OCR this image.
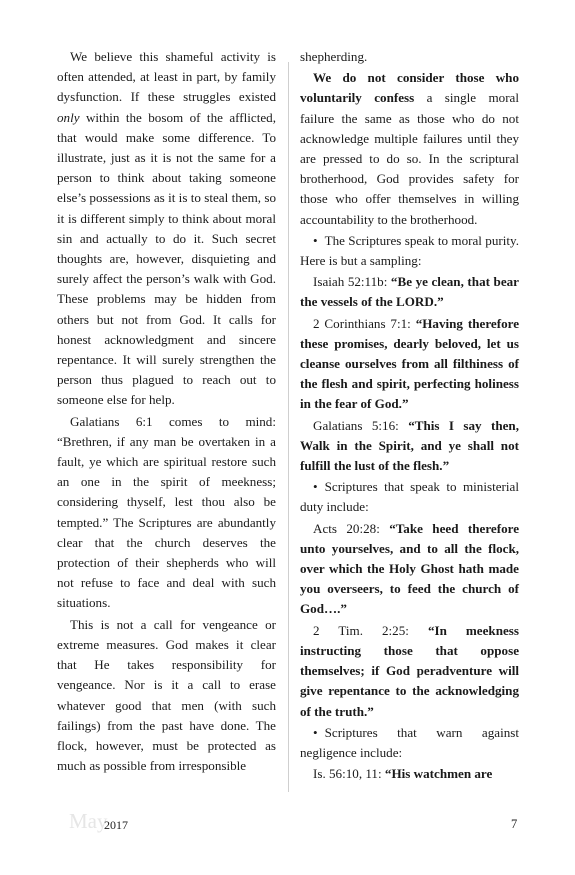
We believe this shameful activity is often attended, at least in part, by family dysfunction. If these struggles existed only within the bosom of the afflicted, that would make some difference. To illustrate, just as it is not the same for a person to think about taking someone else’s possessions as it is to steal them, so it is different simply to think about moral sin and actually to do it. Such secret thoughts are, however, disquieting and surely affect the person’s walk with God. These problems may be hidden from others but not from God. It calls for honest acknowledgment and sincere repentance. It will surely strengthen the person thus plagued to reach out to someone else for help.

Galatians 6:1 comes to mind: “Brethren, if any man be overtaken in a fault, ye which are spiritual restore such an one in the spirit of meekness; considering thyself, lest thou also be tempted.” The Scriptures are abundantly clear that the church deserves the protection of their shepherds who will not refuse to face and deal with such situations.

This is not a call for vengeance or extreme measures. God makes it clear that He takes responsibility for vengeance. Nor is it a call to erase whatever good that men (with such failings) from the past have done. The flock, however, must be protected as much as possible from irresponsible

shepherding.

We do not consider those who voluntarily confess a single moral failure the same as those who do not acknowledge multiple failures until they are pressed to do so. In the scriptural brotherhood, God provides safety for those who offer themselves in willing accountability to the brotherhood.

• The Scriptures speak to moral purity. Here is but a sampling:

Isaiah 52:11b: “Be ye clean, that bear the vessels of the LORD.”

2 Corinthians 7:1: “Having therefore these promises, dearly beloved, let us cleanse ourselves from all filthiness of the flesh and spirit, perfecting holiness in the fear of God.”

Galatians 5:16: “This I say then, Walk in the Spirit, and ye shall not fulfill the lust of the flesh.”

• Scriptures that speak to ministerial duty include:

Acts 20:28: “Take heed therefore unto yourselves, and to all the flock, over which the Holy Ghost hath made you overseers, to feed the church of God….”

2 Tim. 2:25: “In meekness instructing those that oppose themselves; if God peradventure will give repentance to the acknowledging of the truth.”

• Scriptures that warn against negligence include:

Is. 56:10, 11: “His watchmen are

May
2017	7
